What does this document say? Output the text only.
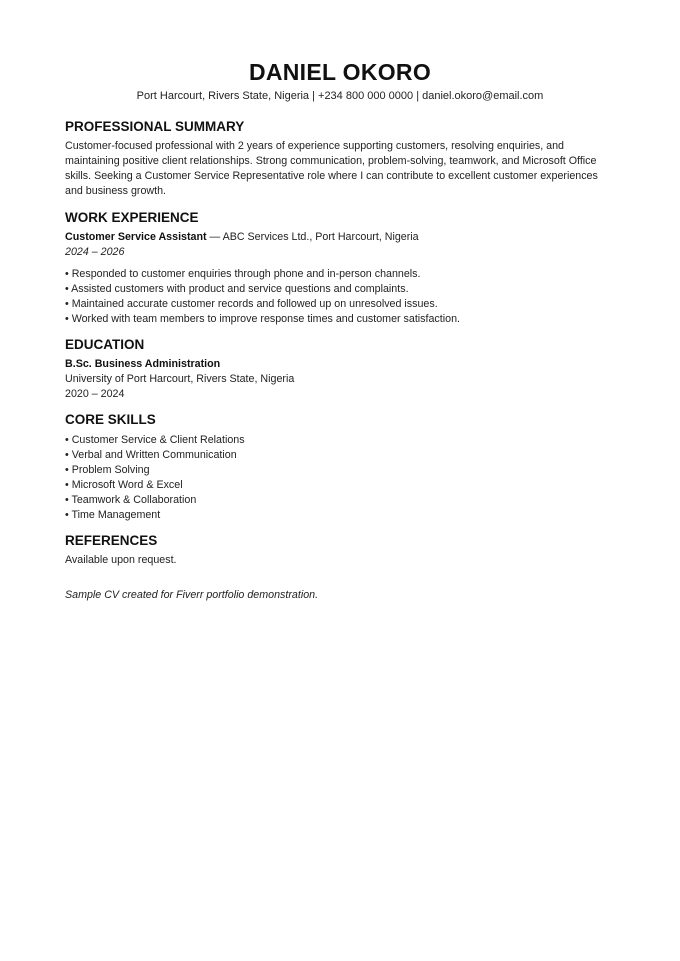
DANIEL OKORO
Port Harcourt, Rivers State, Nigeria | +234 800 000 0000 | daniel.okoro@email.com
PROFESSIONAL SUMMARY
Customer-focused professional with 2 years of experience supporting customers, resolving enquiries, and
maintaining positive client relationships. Strong communication, problem-solving, teamwork, and Microsoft Office
skills. Seeking a Customer Service Representative role where I can contribute to excellent customer experiences
and business growth.
WORK EXPERIENCE
Customer Service Assistant — ABC Services Ltd., Port Harcourt, Nigeria
2024 – 2026
• Responded to customer enquiries through phone and in-person channels.
• Assisted customers with product and service questions and complaints.
• Maintained accurate customer records and followed up on unresolved issues.
• Worked with team members to improve response times and customer satisfaction.
EDUCATION
B.Sc. Business Administration
University of Port Harcourt, Rivers State, Nigeria
2020 – 2024
CORE SKILLS
• Customer Service & Client Relations
• Verbal and Written Communication
• Problem Solving
• Microsoft Word & Excel
• Teamwork & Collaboration
• Time Management
REFERENCES
Available upon request.
Sample CV created for Fiverr portfolio demonstration.
